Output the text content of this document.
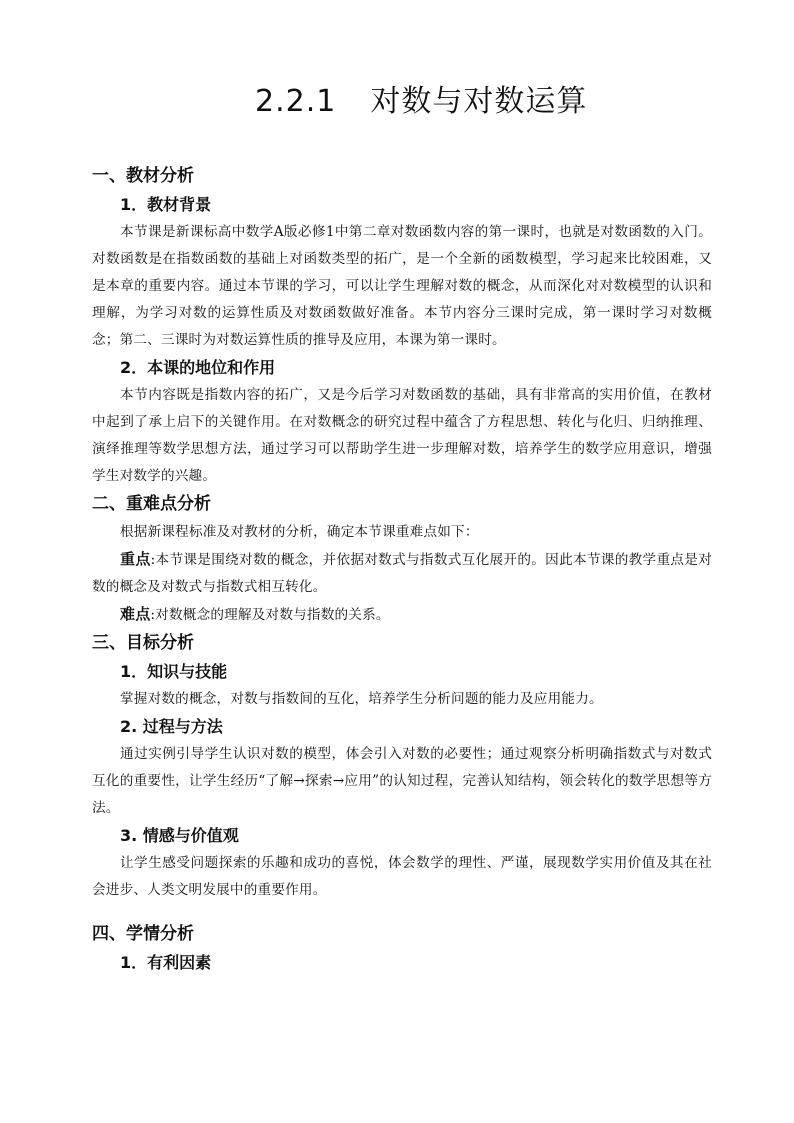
2.2.1 对数与对数运算

一、教材分析

1．教材背景

本节课是新课标高中数学A版必修1中第二章对数函数内容的第一课时，也就是对数函数的入门。对数函数是在指数函数的基础上对函数类型的拓广，是一个全新的函数模型，学习起来比较困难，又是本章的重要内容。通过本节课的学习，可以让学生理解对数的概念，从而深化对对数模型的认识和理解，为学习对数的运算性质及对数函数做好准备。本节内容分三课时完成，第一课时学习对数概念；第二、三课时为对数运算性质的推导及应用，本课为第一课时。

2．本课的地位和作用

本节内容既是指数内容的拓广，又是今后学习对数函数的基础，具有非常高的实用价值，在教材中起到了承上启下的关键作用。在对数概念的研究过程中蕴含了方程思想、转化与化归、归纳推理、演绎推理等数学思想方法，通过学习可以帮助学生进一步理解对数，培养学生的数学应用意识，增强学生对数学的兴趣。

二、重难点分析

根据新课程标准及对教材的分析，确定本节课重难点如下：

重点:本节课是围绕对数的概念，并依据对数式与指数式互化展开的。因此本节课的教学重点是对数的概念及对数式与指数式相互转化。

难点:对数概念的理解及对数与指数的关系。

三、目标分析

1．知识与技能

掌握对数的概念，对数与指数间的互化，培养学生分析问题的能力及应用能力。

2. 过程与方法

通过实例引导学生认识对数的模型，体会引入对数的必要性；通过观察分析明确指数式与对数式互化的重要性，让学生经历“了解→探索→应用”的认知过程，完善认知结构，领会转化的数学思想等方法。

3. 情感与价值观

让学生感受问题探索的乐趣和成功的喜悦，体会数学的理性、严谨，展现数学实用价值及其在社会进步、人类文明发展中的重要作用。

四、学情分析

1．有利因素
